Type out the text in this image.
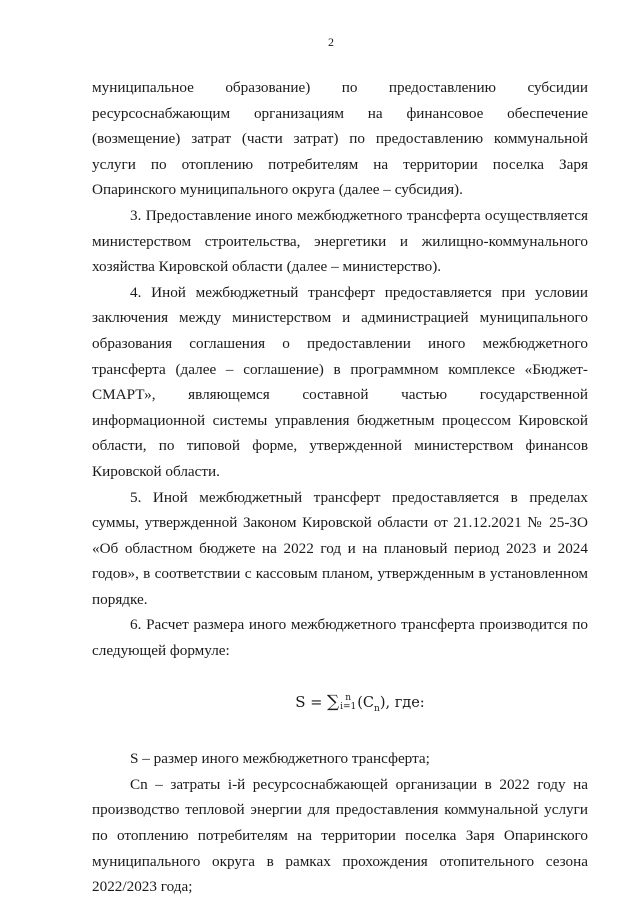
2

муниципальное образование) по предоставлению субсидии ресурсоснабжающим организациям на финансовое обеспечение (возмещение) затрат (части затрат) по предоставлению коммунальной услуги по отоплению потребителям на территории поселка Заря Опаринского муниципального округа (далее – субсидия).

3. Предоставление иного межбюджетного трансферта осуществляется министерством строительства, энергетики и жилищно-коммунального хозяйства Кировской области (далее – министерство).

4. Иной межбюджетный трансферт предоставляется при условии заключения между министерством и администрацией муниципального образования соглашения о предоставлении иного межбюджетного трансферта (далее – соглашение) в программном комплексе «Бюджет-СМАРТ», являющемся составной частью государственной информационной системы управления бюджетным процессом Кировской области, по типовой форме, утвержденной министерством финансов Кировской области.

5. Иной межбюджетный трансферт предоставляется в пределах суммы, утвержденной Законом Кировской области от 21.12.2021 № 25-ЗО «Об областном бюджете на 2022 год и на плановый период 2023 и 2024 годов», в соответствии с кассовым планом, утвержденным в установленном порядке.

6. Расчет размера иного межбюджетного трансферта производится по следующей формуле:

S = ∑ n
i=1 $(C_n)$, где:

S – размер иного межбюджетного трансферта;

Cn – затраты i-й ресурсоснабжающей организации в 2022 году на производство тепловой энергии для предоставления коммунальной услуги по отоплению потребителям на территории поселка Заря Опаринского муниципального округа в рамках прохождения отопительного сезона 2022/2023 года;
